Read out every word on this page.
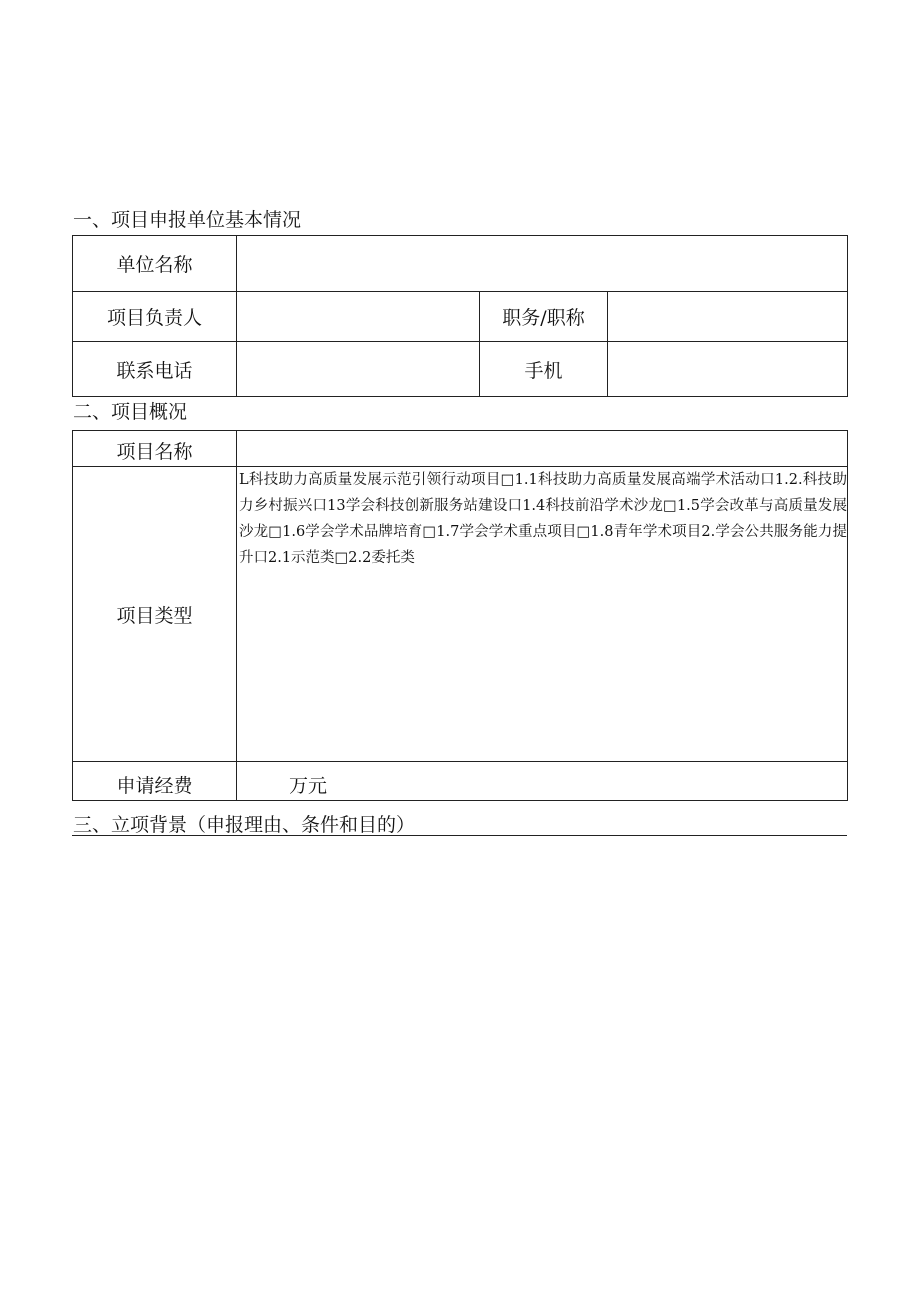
一、项目申报单位基本情况
单位名称			
项目负责人		职务/职称	
联系电话		手机	
二、项目概况
项目名称	
项目类型	L科技助力高质量发展示范引领行动项目□1.1科技助力高质量发展高端学术活动口1.2.科技助力乡村振兴口13学会科技创新服务站建设口1.4科技前沿学术沙龙□1.5学会改革与高质量发展沙龙□1.6学会学术品牌培育□1.7学会学术重点项目□1.8青年学术项目2.学会公共服务能力提升口2.1示范类□2.2委托类
申请经费	万元
三、立项背景（申报理由、条件和目的）
